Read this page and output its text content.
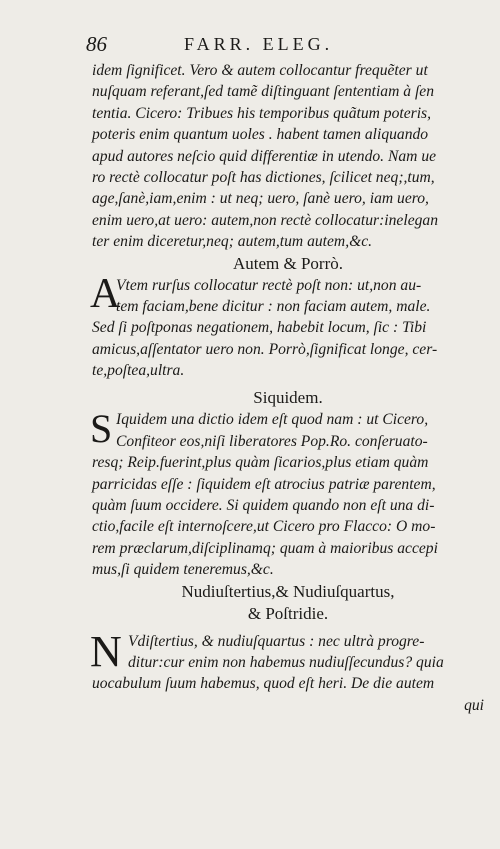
86	FARR. ELEG.
idem ſignificet. Vero & autem collocantur frequẽter ut
nuſquam referant,ſed tamẽ diſtinguant ſententiam à ſen
tentia. Cicero: Tribues his temporibus quãtum poteris,
poteris enim quantum uoles . habent tamen aliquando
apud autores neſcio quid differentiæ in utendo. Nam ue
ro rectè collocatur poſt has dictiones, ſcilicet neq;,tum,
age,ſanè,iam,enim : ut neq; uero, ſanè uero, iam uero,
enim uero,at uero: autem,non rectè collocatur:inelegan
ter enim diceretur,neq; autem,tum autem,&c.
Autem & Porrò.
A
Vtem rurſus collocatur rectè poſt non: ut,non au-
tem faciam,bene dicitur : non faciam autem, male.
Sed ſi poſtponas negationem, habebit locum, ſic : Tibi
amicus,aſſentator uero non. Porrò,ſignificat longe, cer-
te,poſtea,ultra.
Siquidem.
S Iquidem una dictio idem eſt quod nam : ut Cicero,
Confiteor eos,niſi liberatores Pop.Ro. conſeruato-
resq; Reip.fuerint,plus quàm ſicarios,plus etiam quàm
parricidas eſſe : ſiquidem eſt atrocius patriæ parentem,
quàm ſuum occidere. Si quidem quando non eſt una di-
ctio,facile eſt internoſcere,ut Cicero pro Flacco: O mo-
rem præclarum,diſciplinamq; quam à maioribus accepi
mus,ſi quidem teneremus,&c.
Nudiuſtertius,& Nudiuſquartus,
& Poſtridie.
N Vdiſtertius, & nudiuſquartus : nec ultrà progre-
ditur:cur enim non habemus nudiuſſecundus? quia
uocabulum ſuum habemus, quod eſt heri. De die autem
qui
